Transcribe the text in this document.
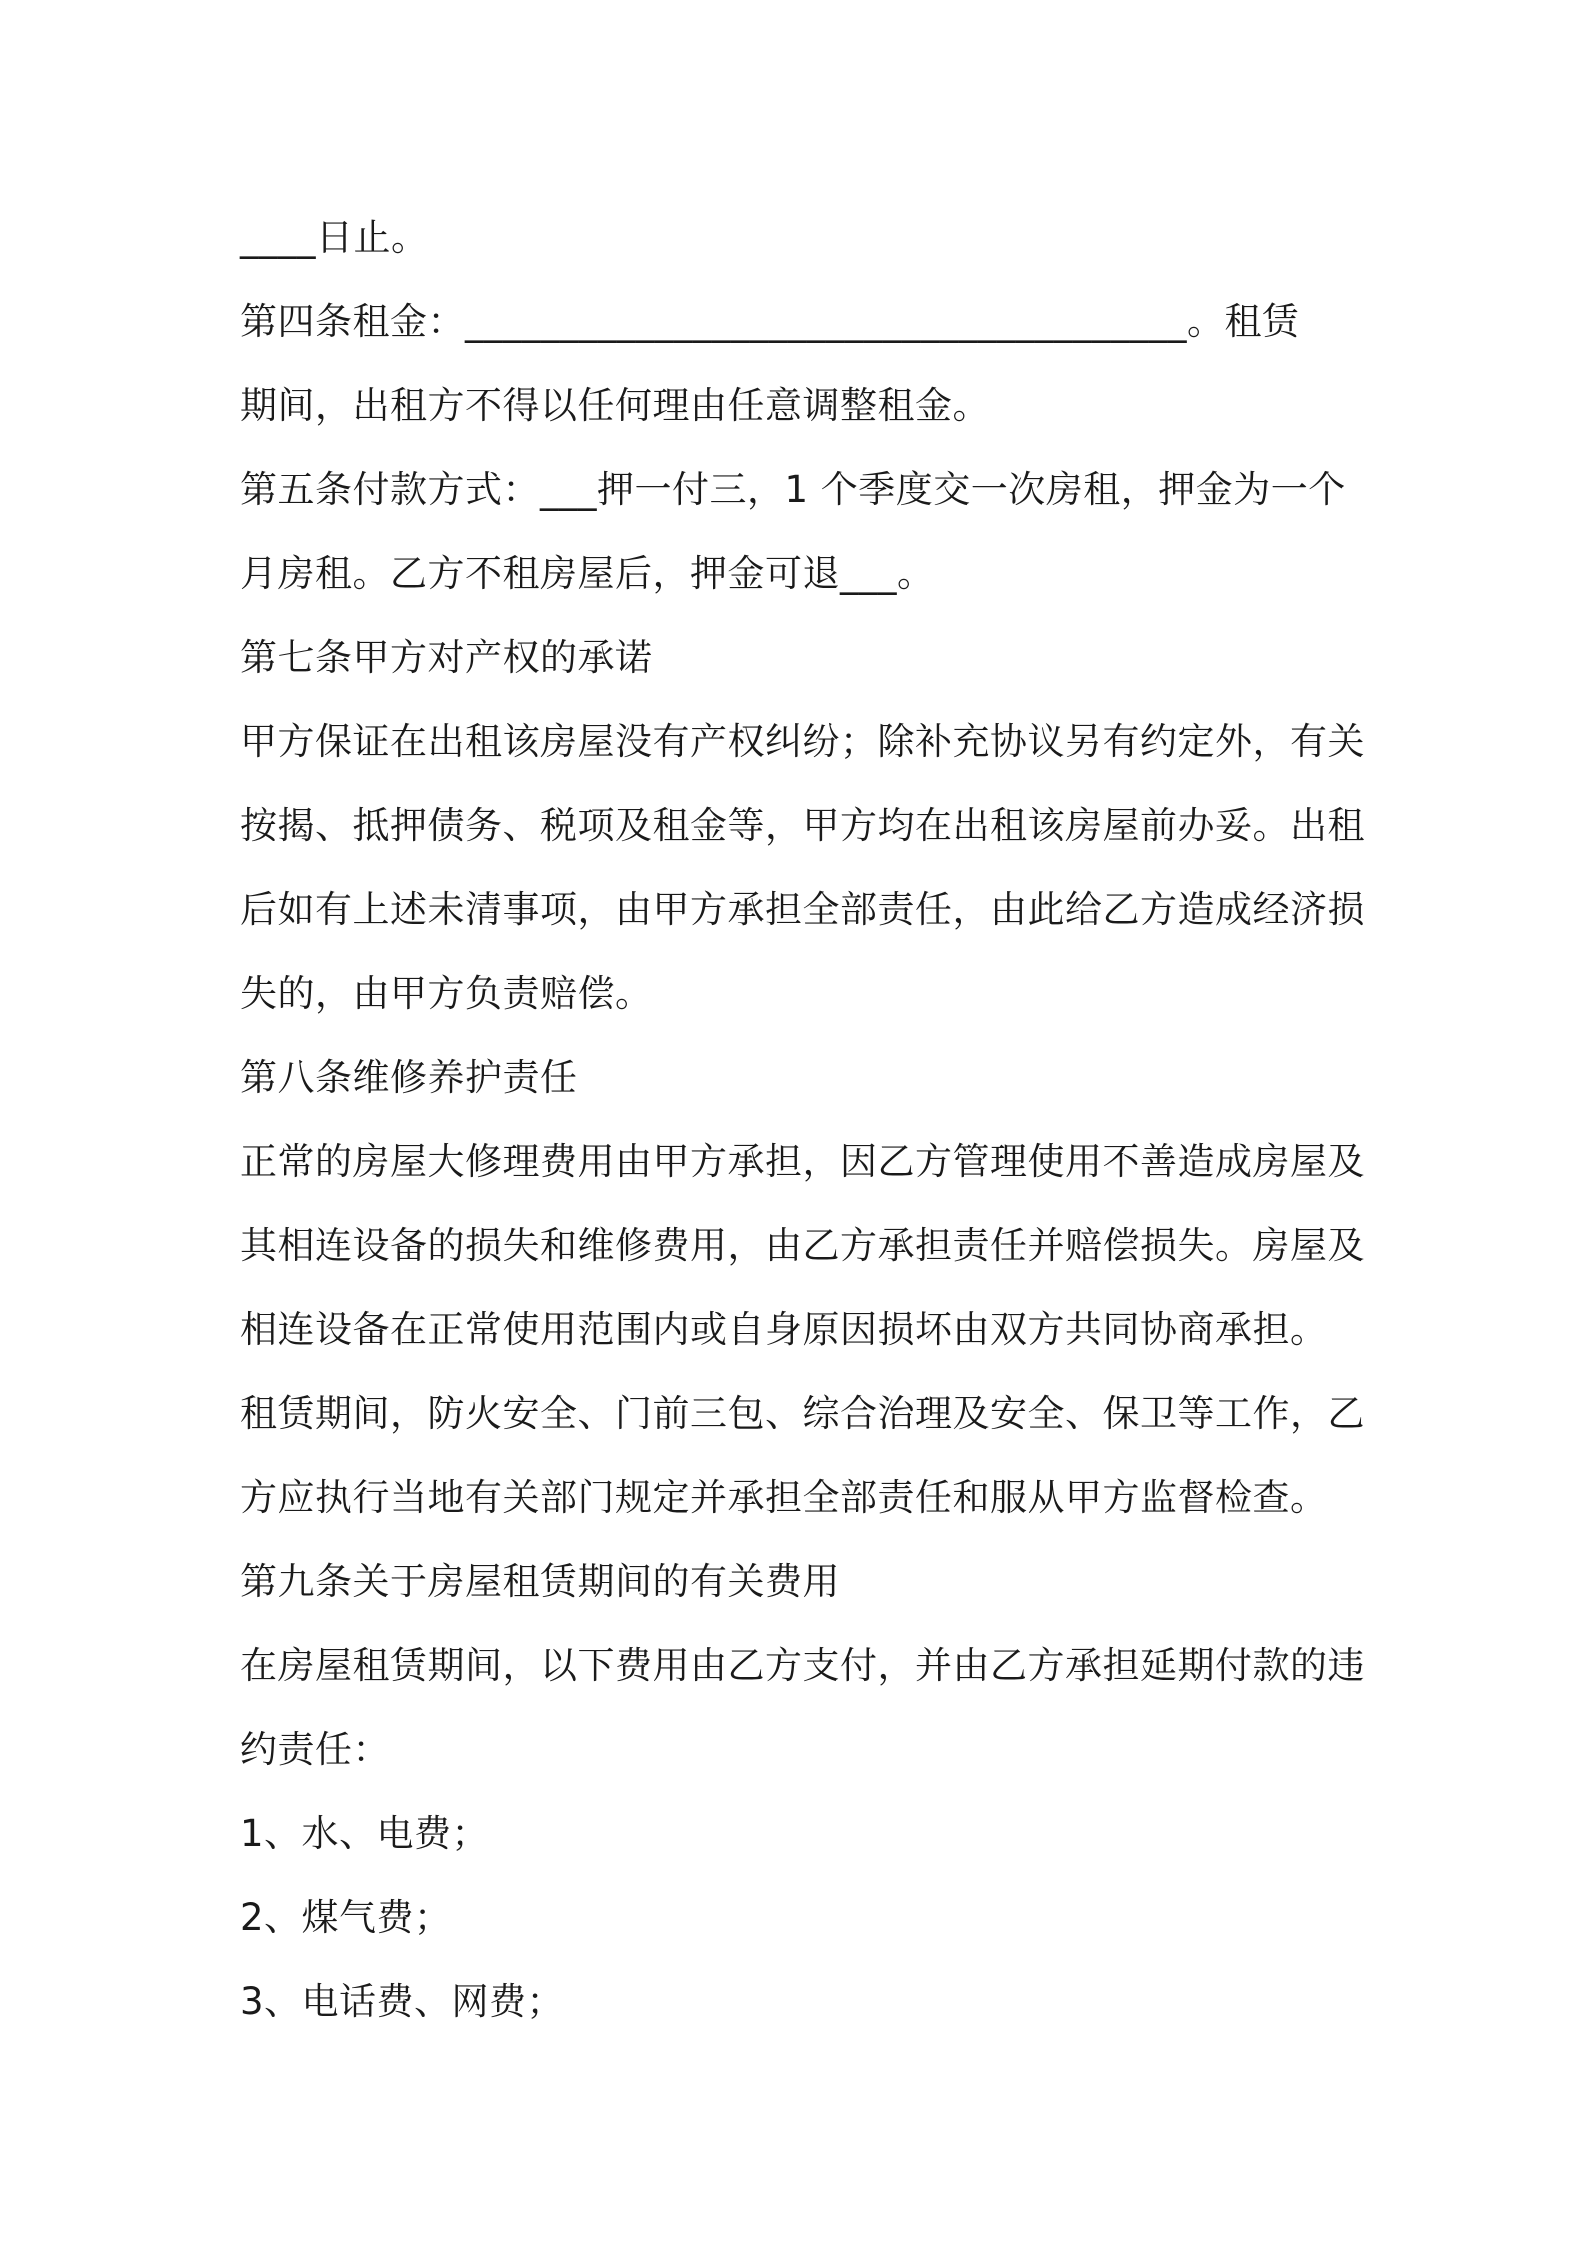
____日止。
第四条租金：______________________________________。租赁
期间，出租方不得以任何理由任意调整租金。
第五条付款方式：___押一付三，1 个季度交一次房租，押金为一个
月房租。乙方不租房屋后，押金可退___。
第七条甲方对产权的承诺
甲方保证在出租该房屋没有产权纠纷；除补充协议另有约定外，有关
按揭、抵押债务、税项及租金等，甲方均在出租该房屋前办妥。出租
后如有上述未清事项，由甲方承担全部责任，由此给乙方造成经济损
失的，由甲方负责赔偿。
第八条维修养护责任
正常的房屋大修理费用由甲方承担，因乙方管理使用不善造成房屋及
其相连设备的损失和维修费用，由乙方承担责任并赔偿损失。房屋及
相连设备在正常使用范围内或自身原因损坏由双方共同协商承担。
租赁期间，防火安全、门前三包、综合治理及安全、保卫等工作，乙
方应执行当地有关部门规定并承担全部责任和服从甲方监督检查。
第九条关于房屋租赁期间的有关费用
在房屋租赁期间，以下费用由乙方支付，并由乙方承担延期付款的违
约责任：
1、水、电费；
2、煤气费；
3、电话费、网费；
